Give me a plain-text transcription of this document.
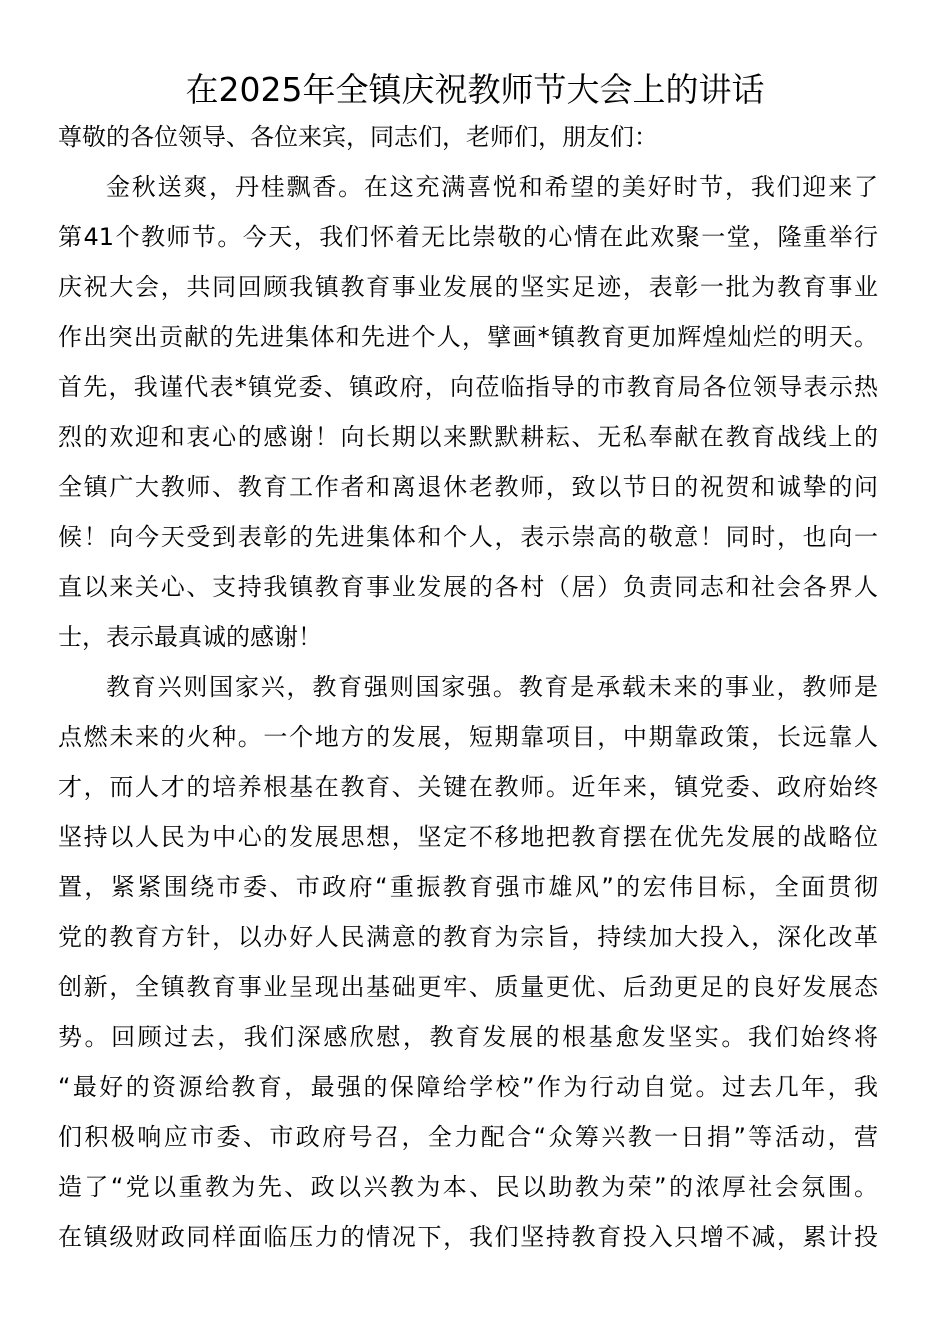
在2025年全镇庆祝教师节大会上的讲话

尊敬的各位领导、各位来宾，同志们，老师们，朋友们：

金秋送爽，丹桂飘香。在这充满喜悦和希望的美好时节，我们迎来了

第41个教师节。今天，我们怀着无比崇敬的心情在此欢聚一堂，隆重举行

庆祝大会，共同回顾我镇教育事业发展的坚实足迹，表彰一批为教育事业

作出突出贡献的先进集体和先进个人，擘画*镇教育更加辉煌灿烂的明天。

首先，我谨代表*镇党委、镇政府，向莅临指导的市教育局各位领导表示热

烈的欢迎和衷心的感谢！向长期以来默默耕耘、无私奉献在教育战线上的

全镇广大教师、教育工作者和离退休老教师，致以节日的祝贺和诚挚的问

候！向今天受到表彰的先进集体和个人，表示崇高的敬意！同时，也向一

直以来关心、支持我镇教育事业发展的各村（居）负责同志和社会各界人

士，表示最真诚的感谢！

教育兴则国家兴，教育强则国家强。教育是承载未来的事业，教师是

点燃未来的火种。一个地方的发展，短期靠项目，中期靠政策，长远靠人

才，而人才的培养根基在教育、关键在教师。近年来，镇党委、政府始终

坚持以人民为中心的发展思想，坚定不移地把教育摆在优先发展的战略位

置，紧紧围绕市委、市政府“重振教育强市雄风”的宏伟目标，全面贯彻

党的教育方针，以办好人民满意的教育为宗旨，持续加大投入，深化改革

创新，全镇教育事业呈现出基础更牢、质量更优、后劲更足的良好发展态

势。回顾过去，我们深感欣慰，教育发展的根基愈发坚实。我们始终将

“最好的资源给教育，最强的保障给学校”作为行动自觉。过去几年，我

们积极响应市委、市政府号召，全力配合“众筹兴教一日捐”等活动，营

造了“党以重教为先、政以兴教为本、民以助教为荣”的浓厚社会氛围。

在镇级财政同样面临压力的情况下，我们坚持教育投入只增不减，累计投
